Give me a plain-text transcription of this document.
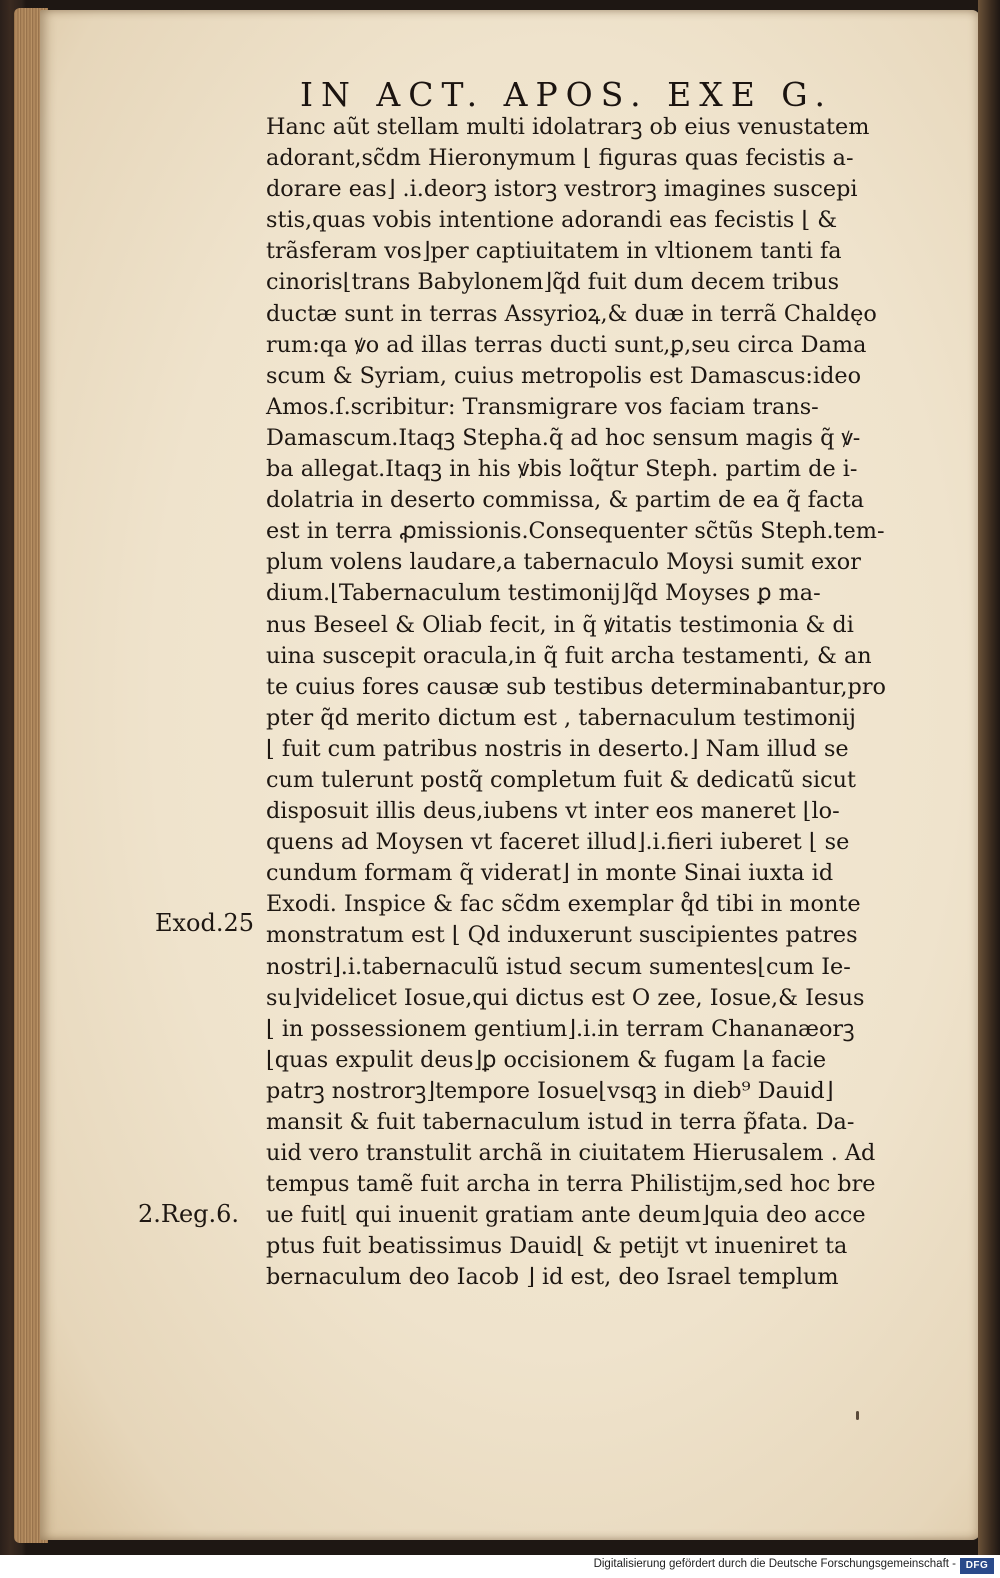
IN ACT. APOS. EXE G.
Hanc aũt stellam multi idolatrarꝫ ob eius venustatem
adorant,sc̃dm Hieronymum ⌊ figuras quas fecistis a-
dorare eas⌋ .i.deorꝫ istorꝫ vestrorꝫ imagines suscepi
stis,quas vobis intentione adorandi eas fecistis ⌊ &
trãsferam vos⌋per captiuitatem in vltionem tanti fa
cinoris⌊trans Babylonem⌋q̃d fuit dum decem tribus
ductæ sunt in terras Assyrioꝝ,& duæ in terrã Chaldęo
rum:qa ꝟo ad illas terras ducti sunt,ꝑ,seu circa Dama
scum & Syriam, cuius metropolis est Damascus:ideo
Amos.ſ.scribitur: Transmigrare vos faciam trans-
Damascum.Itaqꝫ Stepha.q̃ ad hoc sensum magis q̃ ꝟ-
ba allegat.Itaqꝫ in his ꝟbis loq̃tur Steph. partim de i-
dolatria in deserto commissa, & partim de ea q̃ facta
est in terra ꝓmissionis.Consequenter sc̃tũs Steph.tem-
plum volens laudare,a tabernaculo Moysi sumit exor
dium.⌊Tabernaculum testimonij⌋q̃d Moyses ꝑ ma-
nus Beseel & Oliab fecit, in q̃ ꝟitatis testimonia & di
uina suscepit oracula,in q̃ fuit archa testamenti, & an
te cuius fores causæ sub testibus determinabantur,pro
pter q̃d merito dictum est , tabernaculum testimonij
⌊ fuit cum patribus nostris in deserto.⌋ Nam illud se
cum tulerunt postq̃ completum fuit & dedicatũ sicut
disposuit illis deus,iubens vt inter eos maneret ⌊lo-
quens ad Moysen vt faceret illud⌋.i.fieri iuberet ⌊ se
cundum formam q̃ viderat⌋ in monte Sinai iuxta id
Exodi. Inspice & fac sc̃dm exemplar q̊d tibi in monte
monstratum est ⌊ Qd induxerunt suscipientes patres
nostri⌋.i.tabernaculũ istud secum sumentes⌊cum Ie-
su⌋videlicet Iosue,qui dictus est O zee, Iosue,& Iesus
⌊ in possessionem gentium⌋.i.in terram Chananæorꝫ
⌊quas expulit deus⌋ꝑ occisionem & fugam ⌊a facie
patrꝫ nostrorꝫ⌋tempore Iosue⌊vsqꝫ in dieb⁹ Dauid⌋
mansit & fuit tabernaculum istud in terra p̃fata. Da-
uid vero transtulit archã in ciuitatem Hierusalem . Ad
tempus tamẽ fuit archa in terra Philistijm,sed hoc bre
ue fuit⌊ qui inuenit gratiam ante deum⌋quia deo acce
ptus fuit beatissimus Dauid⌊ & petijt vt inueniret ta
bernaculum deo Iacob ⌋ id est, deo Israel templum
Exod.25
2.Reg.6.
Digitalisierung gefördert durch die Deutsche Forschungsgemeinschaft - DFG
